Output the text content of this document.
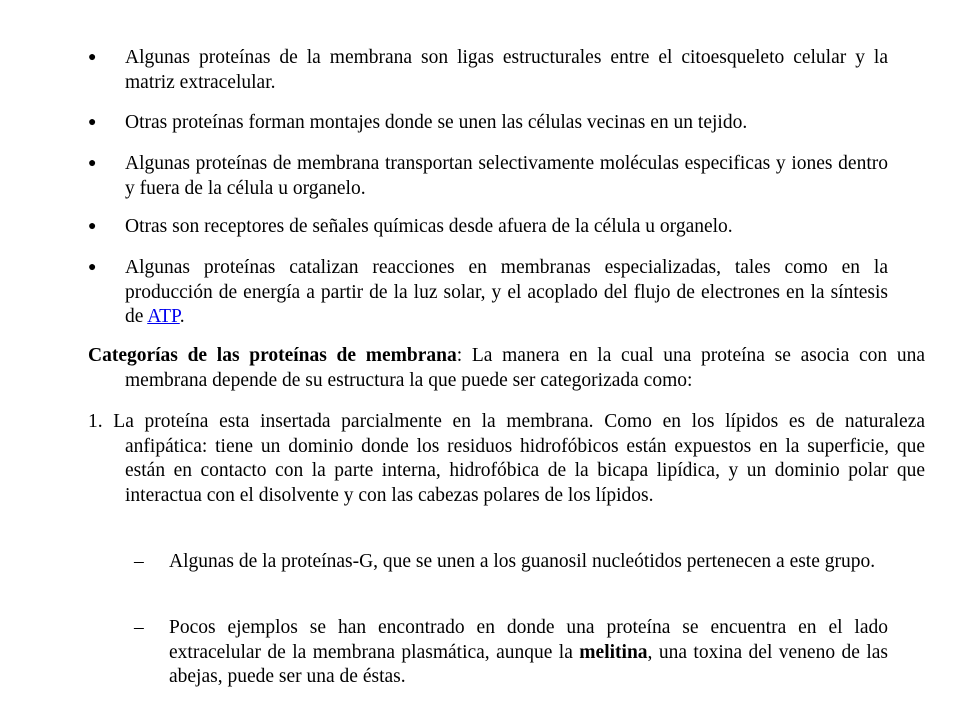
●	Algunas proteínas de la membrana son ligas estructurales entre el citoesqueleto celular y la matriz extracelular.
●	Otras proteínas forman montajes donde se unen las células vecinas en un tejido.
●	Algunas proteínas de membrana transportan selectivamente moléculas especificas y iones dentro y fuera de la célula u organelo.
●	Otras son receptores de señales químicas desde afuera de la célula u organelo.
●	Algunas proteínas catalizan reacciones en membranas especializadas, tales como en la producción de energía a partir de la luz solar, y el acoplado del flujo de electrones en la síntesis de ATP.
Categorías de las proteínas de membrana: La manera en la cual una proteína se asocia con una membrana depende de su estructura la que puede ser categorizada como:
1. La proteína esta insertada parcialmente en la membrana. Como en los lípidos es de naturaleza anfipática: tiene un dominio donde los residuos hidrofóbicos están expuestos en la superficie, que están en contacto con la parte interna, hidrofóbica de la bicapa lipídica, y un dominio polar que interactua con el disolvente y con las cabezas polares de los lípidos.
– Algunas de la proteínas-G, que se unen a los guanosil nucleótidos pertenecen a este grupo.
– Pocos ejemplos se han encontrado en donde una proteína se encuentra en el lado extracelular de la membrana plasmática, aunque la melitina, una toxina del veneno de las abejas, puede ser una de éstas.
